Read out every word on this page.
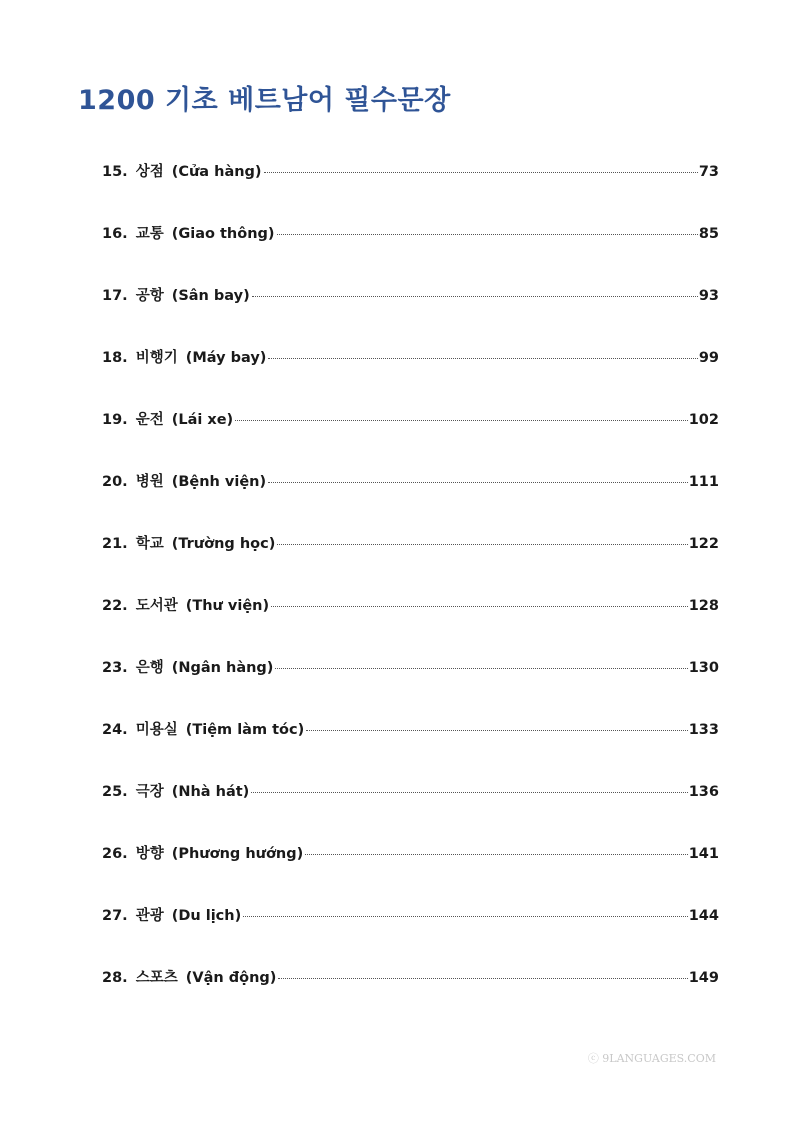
1200 기초 베트남어 필수문장
15. 상점 (Cửa hàng)	73
16. 교통 (Giao thông)	85
17. 공항 (Sân bay)	93
18. 비행기 (Máy bay)	99
19. 운전 (Lái xe)	102
20. 병원 (Bệnh viện)	111
21. 학교 (Trường học)	122
22. 도서관 (Thư viện)	128
23. 은행 (Ngân hàng)	130
24. 미용실 (Tiệm làm tóc)	133
25. 극장 (Nhà hát)	136
26. 방향 (Phương hướng)	141
27. 관광 (Du lịch)	144
28. 스포츠 (Vận động)	149
ⓒ 9LANGUAGES.COM
